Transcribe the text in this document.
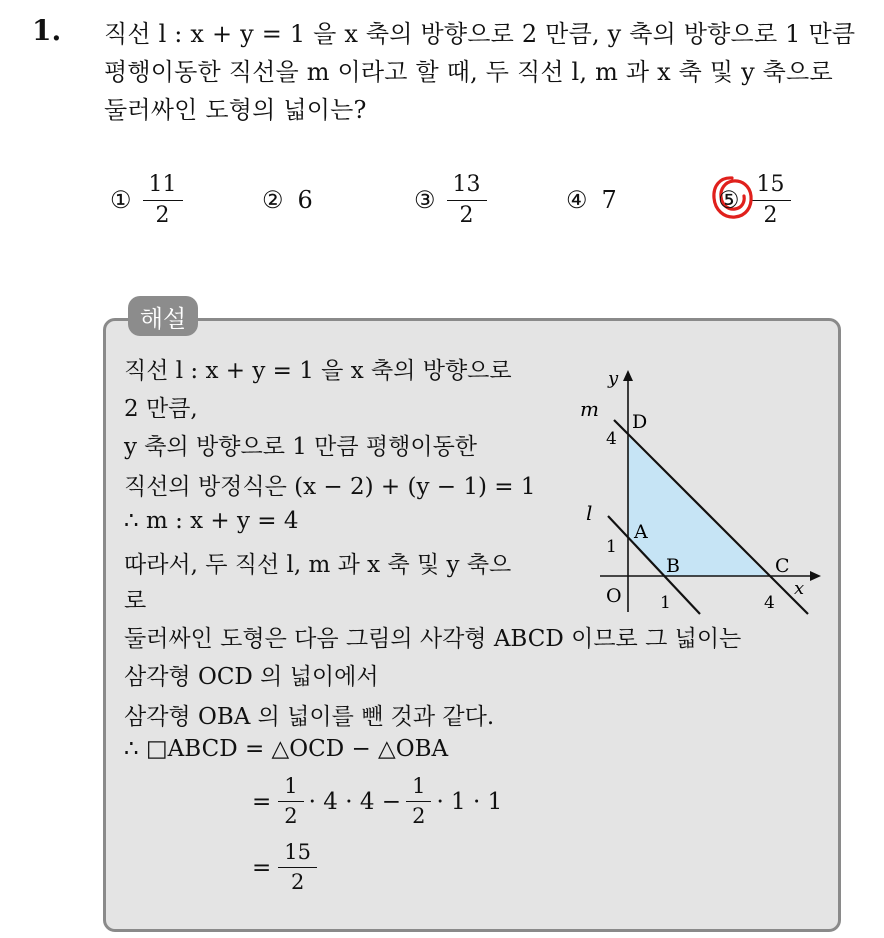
1. 직선 l : x + y = 1 을 x 축의 방향으로 2 만큼, y 축의 방향으로 1 만큼
평행이동한 직선을 m 이라고 할 때, 두 직선 l, m 과 x 축 및 y 축으로
둘러싸인 도형의 넓이는?
① $\frac{11}{2}$	② 6	③ $\frac{13}{2}$	④ 7	⑤ $\frac{15}{2}$
해설
직선 l : x + y = 1 을 x 축의 방향으로
2 만큼,
y 축의 방향으로 1 만큼 평행이동한
직선의 방정식은 (x − 2) + (y − 1) = 1
∴ m : x + y = 4
따라서, 두 직선 l, m 과 x 축 및 y 축으
로
둘러싸인 도형은 다음 그림의 사각형 ABCD 이므로 그 넓이는
삼각형 OCD 의 넓이에서
삼각형 OBA 의 넓이를 뺀 것과 같다.
∴ □ABCD = △OCD − △OBA
= $\frac{1}{2} \cdot 4 \cdot 4 - \frac{1}{2} \cdot 1 \cdot 1$
= $\frac{15}{2}$
y
x
O
m
l
D
A
B	C
4
1
1	4
